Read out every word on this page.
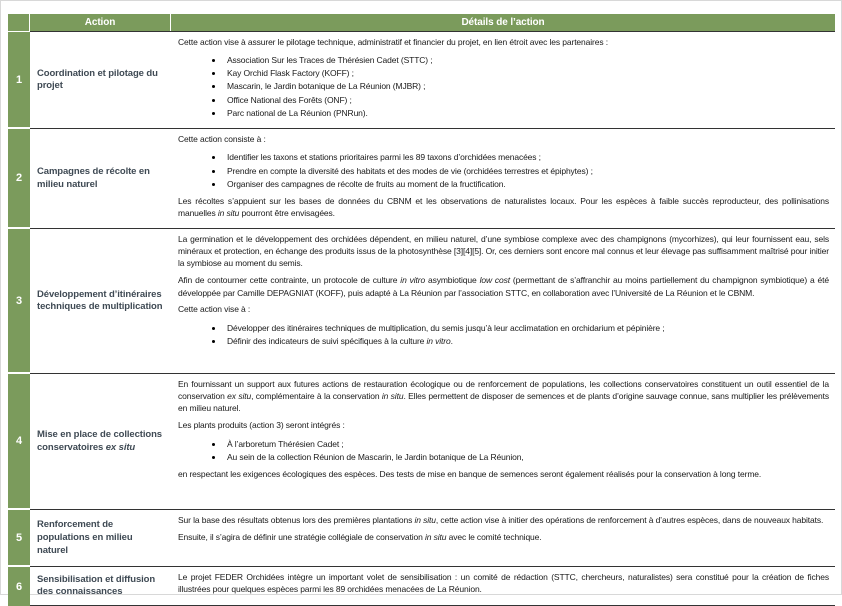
Action	Détails de l’action
1
Coordination et pilotage du projet

Cette action vise à assurer le pilotage technique, administratif et financier du projet, en lien étroit avec les partenaires :

• Association Sur les Traces de Thérésien Cadet (STTC) ;
• Kay Orchid Flask Factory (KOFF) ;
• Mascarin, le Jardin botanique de La Réunion (MJBR) ;
• Office National des Forêts (ONF) ;
• Parc national de La Réunion (PNRun).
2
Campagnes de récolte en milieu naturel

Cette action consiste à :

• Identifier les taxons et stations prioritaires parmi les 89 taxons d’orchidées menacées ;
• Prendre en compte la diversité des habitats et des modes de vie (orchidées terrestres et épiphytes) ;
• Organiser des campagnes de récolte de fruits au moment de la fructification.

Les récoltes s’appuient sur les bases de données du CBNM et les observations de naturalistes locaux. Pour les espèces à faible succès reproducteur, des pollinisations manuelles in situ pourront être envisagées.

3
Développement d’itinéraires techniques de multiplication

La germination et le développement des orchidées dépendent, en milieu naturel, d’une symbiose complexe avec des champignons (mycorhizes), qui leur fournissent eau, sels minéraux et protection, en échange des produits issus de la photosynthèse [3][4][5]. Or, ces derniers sont encore mal connus et leur élevage pas suffisamment maîtrisé pour initier la symbiose au moment du semis.

Afin de contourner cette contrainte, un protocole de culture in vitro asymbiotique low cost (permettant de s’affranchir au moins partiellement du champignon symbiotique) a été développée par Camille DEPAGNIAT (KOFF), puis adapté à La Réunion par l’association STTC, en collaboration avec l’Université de La Réunion et le CBNM.

Cette action vise à :

• Développer des itinéraires techniques de multiplication, du semis jusqu’à leur acclimatation en orchidarium et pépinière ;
• Définir des indicateurs de suivi spécifiques à la culture in vitro.
4
Mise en place de collections conservatoires ex situ

En fournissant un support aux futures actions de restauration écologique ou de renforcement de populations, les collections conservatoires constituent un outil essentiel de la conservation ex situ, complémentaire à la conservation in situ. Elles permettent de disposer de semences et de plants d’origine sauvage connue, sans multiplier les prélèvements en milieu naturel.

Les plants produits (action 3) seront intégrés :

• À l’arboretum Thérésien Cadet ;
• Au sein de la collection Réunion de Mascarin, le Jardin botanique de La Réunion,

en respectant les exigences écologiques des espèces. Des tests de mise en banque de semences seront également réalisés pour la conservation à long terme.

5
Renforcement de populations en milieu naturel

Sur la base des résultats obtenus lors des premières plantations in situ, cette action vise à initier des opérations de renforcement à d’autres espèces, dans de nouveaux habitats.

Ensuite, il s’agira de définir une stratégie collégiale de conservation in situ avec le comité technique.

6
Sensibilisation et diffusion des connaissances

Le projet FEDER Orchidées intègre un important volet de sensibilisation : un comité de rédaction (STTC, chercheurs, naturalistes) sera constitué pour la création de fiches illustrées pour quelques espèces parmi les 89 orchidées menacées de La Réunion.
